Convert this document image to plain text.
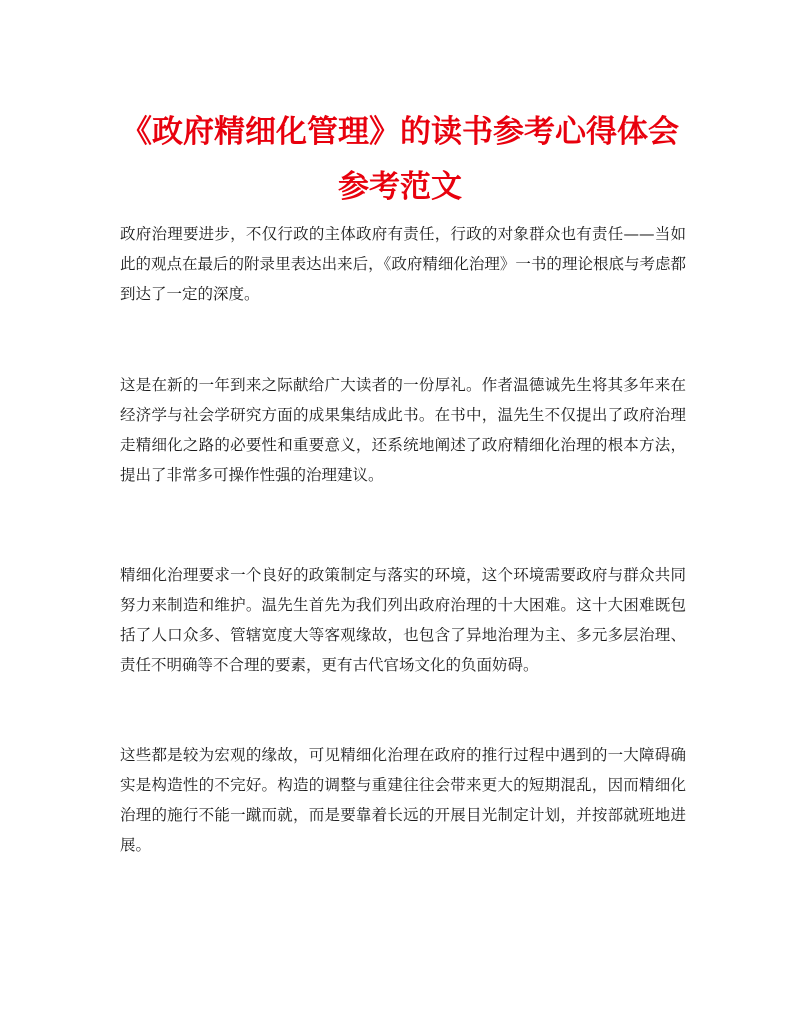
《政府精细化管理》的读书参考心得体会
参考范文

政府治理要进步，不仅行政的主体政府有责任，行政的对象群众也有责任——当如此的观点在最后的附录里表达出来后，《政府精细化治理》一书的理论根底与考虑都到达了一定的深度。

这是在新的一年到来之际献给广大读者的一份厚礼。作者温德诚先生将其多年来在经济学与社会学研究方面的成果集结成此书。在书中，温先生不仅提出了政府治理走精细化之路的必要性和重要意义，还系统地阐述了政府精细化治理的根本方法，提出了非常多可操作性强的治理建议。

精细化治理要求一个良好的政策制定与落实的环境，这个环境需要政府与群众共同努力来制造和维护。温先生首先为我们列出政府治理的十大困难。这十大困难既包括了人口众多、管辖宽度大等客观缘故，也包含了异地治理为主、多元多层治理、责任不明确等不合理的要素，更有古代官场文化的负面妨碍。

这些都是较为宏观的缘故，可见精细化治理在政府的推行过程中遇到的一大障碍确实是构造性的不完好。构造的调整与重建往往会带来更大的短期混乱，因而精细化治理的施行不能一蹴而就，而是要靠着长远的开展目光制定计划，并按部就班地进展。
